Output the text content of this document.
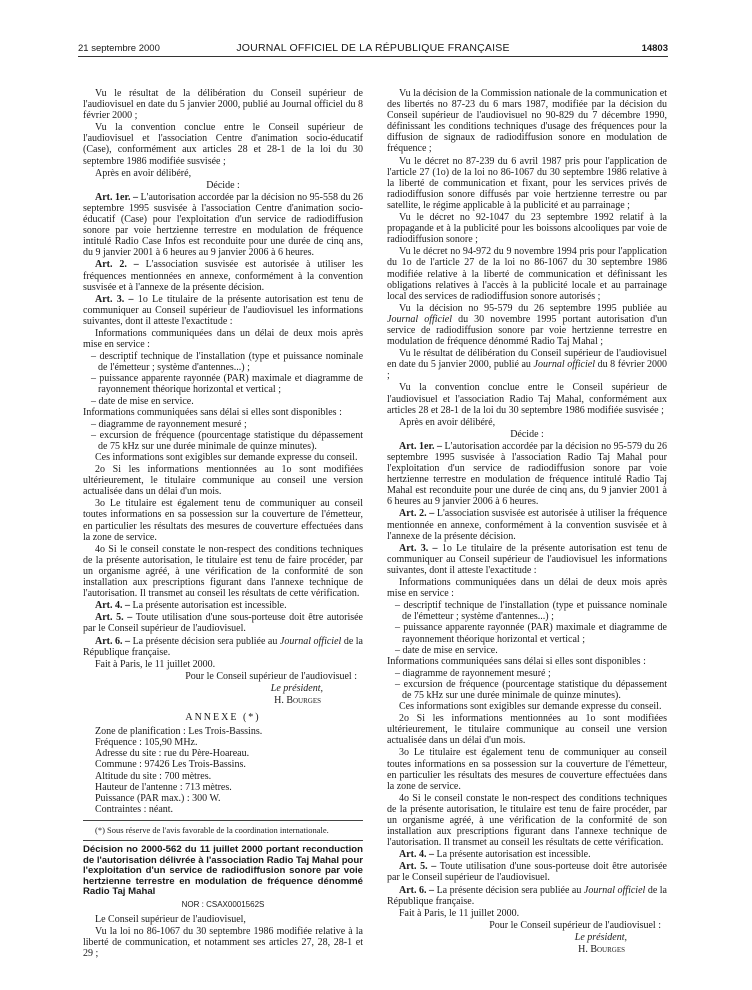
21 septembre 2000	JOURNAL OFFICIEL DE LA RÉPUBLIQUE FRANÇAISE	14803

Vu le résultat de la délibération du Conseil supérieur de l'audiovisuel en date du 5 janvier 2000, publié au Journal officiel du 8 février 2000 ;

Vu la convention conclue entre le Conseil supérieur de l'audiovisuel et l'association Centre d'animation socio-éducatif (Case), conformément aux articles 28 et 28-1 de la loi du 30 septembre 1986 modifiée susvisée ;

Après en avoir délibéré,

Décide :

Art. 1er. – L'autorisation accordée par la décision no 95-558 du 26 septembre 1995 susvisée à l'association Centre d'animation socio-éducatif (Case) pour l'exploitation d'un service de radiodiffusion sonore par voie hertzienne terrestre en modulation de fréquence intitulé Radio Case Infos est reconduite pour une durée de cinq ans, du 9 janvier 2001 à 6 heures au 9 janvier 2006 à 6 heures.

Art. 2. – L'association susvisée est autorisée à utiliser les fréquences mentionnées en annexe, conformément à la convention susvisée et à l'annexe de la présente décision.

Art. 3. – 1o Le titulaire de la présente autorisation est tenu de communiquer au Conseil supérieur de l'audiovisuel les informations suivantes, dont il atteste l'exactitude :

Informations communiquées dans un délai de deux mois après mise en service :

– descriptif technique de l'installation (type et puissance nominale de l'émetteur ; système d'antennes...) ;
– puissance apparente rayonnée (PAR) maximale et diagramme de rayonnement théorique horizontal et vertical ;
– date de mise en service.

Informations communiquées sans délai si elles sont disponibles :

– diagramme de rayonnement mesuré ;
– excursion de fréquence (pourcentage statistique du dépassement de 75 kHz sur une durée minimale de quinze minutes).

Ces informations sont exigibles sur demande expresse du conseil.

2o Si les informations mentionnées au 1o sont modifiées ultérieurement, le titulaire communique au conseil une version actualisée dans un délai d'un mois.

3o Le titulaire est également tenu de communiquer au conseil toutes informations en sa possession sur la couverture de l'émetteur, en particulier les résultats des mesures de couverture effectuées dans la zone de service.

4o Si le conseil constate le non-respect des conditions techniques de la présente autorisation, le titulaire est tenu de faire procéder, par un organisme agréé, à une vérification de la conformité de son installation aux prescriptions figurant dans l'annexe technique de l'autorisation. Il transmet au conseil les résultats de cette vérification.

Art. 4. – La présente autorisation est incessible.

Art. 5. – Toute utilisation d'une sous-porteuse doit être autorisée par le Conseil supérieur de l'audiovisuel.

Art. 6. – La présente décision sera publiée au Journal officiel de la République française.

Fait à Paris, le 11 juillet 2000.

Pour le Conseil supérieur de l'audiovisuel :

Le président,

H. Bourges

ANNEXE (*)

Zone de planification : Les Trois-Bassins.

Fréquence : 105,90 MHz.

Adresse du site : rue du Père-Hoareau.

Commune : 97426 Les Trois-Bassins.

Altitude du site : 700 mètres.

Hauteur de l'antenne : 713 mètres.

Puissance (PAR max.) : 300 W.

Contraintes : néant.

(*) Sous réserve de l'avis favorable de la coordination internationale.

Décision no 2000-562 du 11 juillet 2000 portant reconduction de l'autorisation délivrée à l'association Radio Taj Mahal pour l'exploitation d'un service de radiodiffusion sonore par voie hertzienne terrestre en modulation de fréquence dénommé Radio Taj Mahal

NOR : CSAX0001562S

Le Conseil supérieur de l'audiovisuel,

Vu la loi no 86-1067 du 30 septembre 1986 modifiée relative à la liberté de communication, et notamment ses articles 27, 28, 28-1 et 29 ;

Vu la décision de la Commission nationale de la communication et des libertés no 87-23 du 6 mars 1987, modifiée par la décision du Conseil supérieur de l'audiovisuel no 90-829 du 7 décembre 1990, définissant les conditions techniques d'usage des fréquences pour la diffusion de signaux de radiodiffusion sonore en modulation de fréquence ;

Vu le décret no 87-239 du 6 avril 1987 pris pour l'application de l'article 27 (1o) de la loi no 86-1067 du 30 septembre 1986 relative à la liberté de communication et fixant, pour les services privés de radiodiffusion sonore diffusés par voie hertzienne terrestre ou par satellite, le régime applicable à la publicité et au parrainage ;

Vu le décret no 92-1047 du 23 septembre 1992 relatif à la propagande et à la publicité pour les boissons alcooliques par voie de radiodiffusion sonore ;

Vu le décret no 94-972 du 9 novembre 1994 pris pour l'application du 1o de l'article 27 de la loi no 86-1067 du 30 septembre 1986 modifiée relative à la liberté de communication et définissant les obligations relatives à l'accès à la publicité locale et au parrainage local des services de radiodiffusion sonore autorisés ;

Vu la décision no 95-579 du 26 septembre 1995 publiée au Journal officiel du 30 novembre 1995 portant autorisation d'un service de radiodiffusion sonore par voie hertzienne terrestre en modulation de fréquence dénommé Radio Taj Mahal ;

Vu le résultat de délibération du Conseil supérieur de l'audiovisuel en date du 5 janvier 2000, publié au Journal officiel du 8 février 2000 ;

Vu la convention conclue entre le Conseil supérieur de l'audiovisuel et l'association Radio Taj Mahal, conformément aux articles 28 et 28-1 de la loi du 30 septembre 1986 modifiée susvisée ;

Après en avoir délibéré,

Décide :

Art. 1er. – L'autorisation accordée par la décision no 95-579 du 26 septembre 1995 susvisée à l'association Radio Taj Mahal pour l'exploitation d'un service de radiodiffusion sonore par voie hertzienne terrestre en modulation de fréquence intitulé Radio Taj Mahal est reconduite pour une durée de cinq ans, du 9 janvier 2001 à 6 heures au 9 janvier 2006 à 6 heures.

Art. 2. – L'association susvisée est autorisée à utiliser la fréquence mentionnée en annexe, conformément à la convention susvisée et à l'annexe de la présente décision.

Art. 3. – 1o Le titulaire de la présente autorisation est tenu de communiquer au Conseil supérieur de l'audiovisuel les informations suivantes, dont il atteste l'exactitude :

Informations communiquées dans un délai de deux mois après mise en service :

– descriptif technique de l'installation (type et puissance nominale de l'émetteur ; système d'antennes...) ;
– puissance apparente rayonnée (PAR) maximale et diagramme de rayonnement théorique horizontal et vertical ;
– date de mise en service.

Informations communiquées sans délai si elles sont disponibles :

– diagramme de rayonnement mesuré ;
– excursion de fréquence (pourcentage statistique du dépassement de 75 kHz sur une durée minimale de quinze minutes).

Ces informations sont exigibles sur demande expresse du conseil.

2o Si les informations mentionnées au 1o sont modifiées ultérieurement, le titulaire communique au conseil une version actualisée dans un délai d'un mois.

3o Le titulaire est également tenu de communiquer au conseil toutes informations en sa possession sur la couverture de l'émetteur, en particulier les résultats des mesures de couverture effectuées dans la zone de service.

4o Si le conseil constate le non-respect des conditions techniques de la présente autorisation, le titulaire est tenu de faire procéder, par un organisme agréé, à une vérification de la conformité de son installation aux prescriptions figurant dans l'annexe technique de l'autorisation. Il transmet au conseil les résultats de cette vérification.

Art. 4. – La présente autorisation est incessible.

Art. 5. – Toute utilisation d'une sous-porteuse doit être autorisée par le Conseil supérieur de l'audiovisuel.

Art. 6. – La présente décision sera publiée au Journal officiel de la République française.

Fait à Paris, le 11 juillet 2000.

Pour le Conseil supérieur de l'audiovisuel :

Le président,

H. Bourges
